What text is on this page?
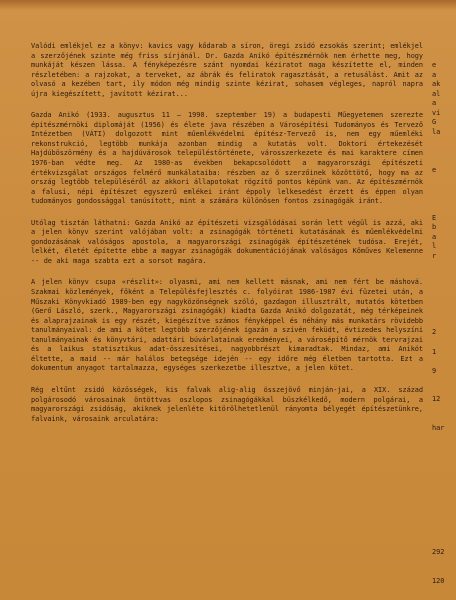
Valódi emlékjel ez a könyv: kavics vagy kődarab a síron, öregi zsidó ezsokás szerint; emlékjel a szerzőjének szinte még friss sírjánál. Dr. Gazda Anikó építészmérnök nem érhette meg, hogy munkáját készen lássa. A fényképezésre szánt nyomdai kéziratot maga készítette el, minden részletében: a rajzokat, a terveket, az ábrák és feliratok ragasztását, a retusálást. Amit az olvasó a kezében tart, ily módon még mindig szinte kézirat, sohasem végleges, napról napra újra kiegészített, javított kézirat...

Gazda Anikó (1933. augusztus 11 — 1990. szeptember 19) a budapesti Műegyetemen szerezte építészmérnöki diplomáját (1956) és élete java részében a Városépítési Tudományos és Tervező Intézetben (VÁTI) dolgozott mint műemlékvédelmi építész-Tervező is, nem egy műemléki rekonstrukció, legtöbb munkája azonban mindig a kutatás volt. Doktori értekezését Hajdúböszörmény és a hajdúvárosok településtörténete, városszerkezete és mai karaktere címen 1976-ban védte meg. Az 1980-as években bekapcsolódott a magyarországi építészeti értékvizsgálat országos felmérő munkálataiba: részben az ő szerzőinek közöttötő, hogy ma az ország legtöbb településéről az akkori állapotokat rögzítő pontos képünk van. Az építészmérnök a falusi, népi építészet egyszerű emlékei iránt éppoly lelkesedést érzett és éppen olyan tudományos gondossággal tanúsított, mint a számára különösen fontos zsinagógák iránt.

Utólag tisztán láthatni: Gazda Anikó az építészeti vizsgálódásai során lett végül is azzá, aki a jelen könyv szerint valójában volt: a zsinagógák történeti kutatásának és műemlékvédelmi gondozásának valóságos apostola, a magyarországi zsinagógák építészetének tudósa. Erejét, lelkét, életét építette ebbe a magyar zsinagógák dokumentációjának valóságos Kőműves Kelemenne -- de aki maga szabta ezt a sorsot magára.

A jelen könyv csupa «részlit»: olyasmi, ami nem kellett másnak, ami nem fért be máshová. Szakmai közlemények, főként a Településfejlesztés c. folyóirat 1986-1987 évi füzetei után, a Műszaki Könyvkiadó 1989-ben egy nagyközönségnek szóló, gazdagon illusztrált, mutatós kötetben (Gerő László, szerk., Magyarországi zsinagógák) kiadta Gazda Anikó dolgozatát, még térképeinek és alaprajzainak is egy részét, kiegészítve számos fényképpel és néhány más munkatárs rövidebb tanulmányaival: de ami a kötet legtöbb szerzőjének igazán a szívén feküdt, évtizedes helyszíni tanulmányainak és könyvtári, adattári búvárlatainak eredményei, a városépítő mérnök tervrajzai és a laikus statisztikus adat-összesítései, nagyobbrészt kimaradtak. Mindaz, ami Anikót éltette, a maid -- már halálos betegsége idején -- egy időre még életben tartotta. Ezt a dokumentum anyagot tartalmazza, egységes szerkezetbe illesztve, a jelen kötet.

Rég eltűnt zsidó közösségek, kis falvak alig-alig összejövő minján-jai, a XIX. század polgárosodó városainak öntöttvas oszlopos zsinagógákkal büszkélkedő, modern polgárai, a magyarországi zsidóság, akiknek jelenléte kitörölhetetlenül rányomta bélyegét építészetünkre, falvaink, városaink arculatára:

e
a
ak
al
a
vi
G
la
e
E
b
a
l
r
2
1
9
12
har
292
120
